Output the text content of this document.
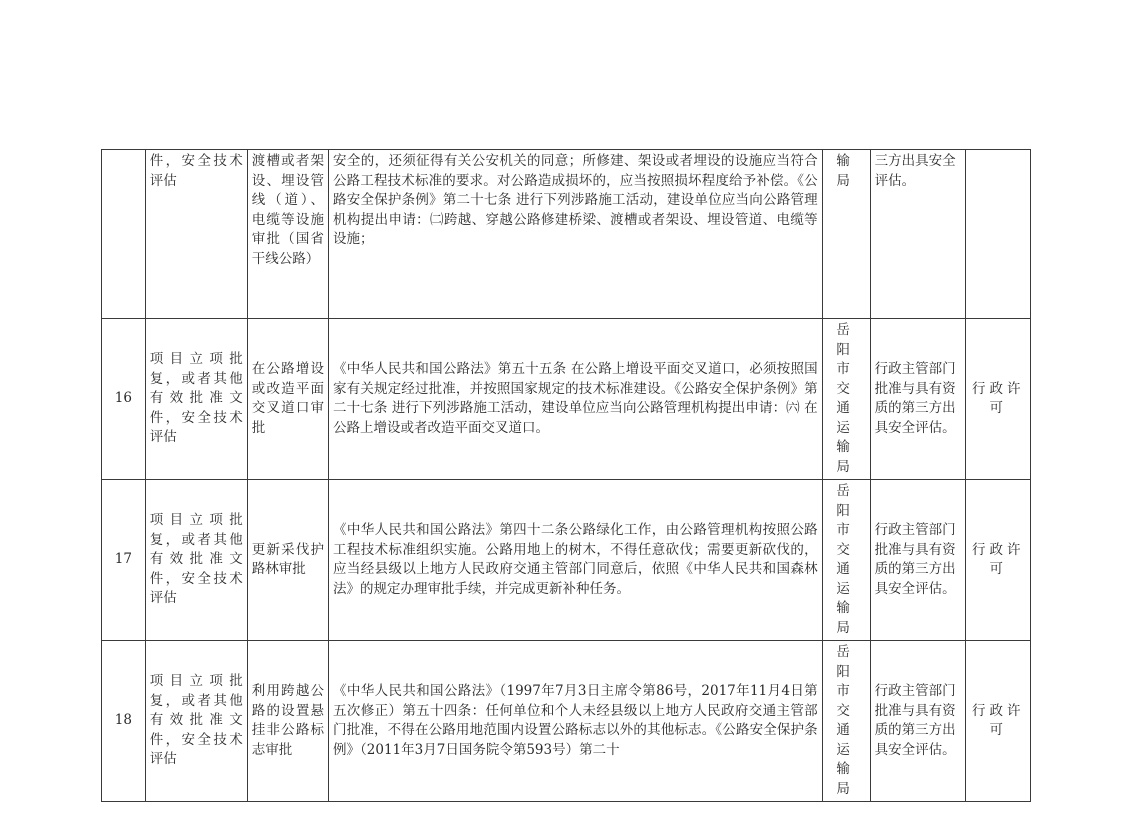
	件，安全技术评估	渡槽或者架设、埋设管线（道）、电缆等设施审批（国省干线公路）	安全的，还须征得有关公安机关的同意；所修建、架设或者埋设的设施应当符合公路工程技术标准的要求。对公路造成损坏的，应当按照损坏程度给予补偿。《公路安全保护条例》第二十七条 进行下列涉路施工活动，建设单位应当向公路管理机构提出申请：㈡跨越、穿越公路修建桥梁、渡槽或者架设、埋设管道、电缆等设施；	输局	三方出具安全评估。	
16	项目立项批复，或者其他有效批准文件，安全技术评估	在公路增设或改造平面交叉道口审批	《中华人民共和国公路法》第五十五条 在公路上增设平面交叉道口，必须按照国家有关规定经过批准，并按照国家规定的技术标准建设。《公路安全保护条例》第二十七条 进行下列涉路施工活动，建设单位应当向公路管理机构提出申请：㈥ 在公路上增设或者改造平面交叉道口。	岳阳市交通运输局	行政主管部门批准与具有资质的第三方出具安全评估。	行政许可
17	项目立项批复，或者其他有效批准文件，安全技术评估	更新采伐护路林审批	《中华人民共和国公路法》第四十二条公路绿化工作，由公路管理机构按照公路工程技术标准组织实施。公路用地上的树木，不得任意砍伐；需要更新砍伐的，应当经县级以上地方人民政府交通主管部门同意后，依照《中华人民共和国森林法》的规定办理审批手续，并完成更新补种任务。	岳阳市交通运输局	行政主管部门批准与具有资质的第三方出具安全评估。	行政许可
18	项目立项批复，或者其他有效批准文件，安全技术评估	利用跨越公路的设置悬挂非公路标志审批	《中华人民共和国公路法》（1997年7月3日主席令第86号，2017年11月4日第五次修正）第五十四条：任何单位和个人未经县级以上地方人民政府交通主管部门批准，不得在公路用地范围内设置公路标志以外的其他标志。《公路安全保护条例》（2011年3月7日国务院令第593号）第二十	岳阳市交通运输局	行政主管部门批准与具有资质的第三方出具安全评估。	行政许可
